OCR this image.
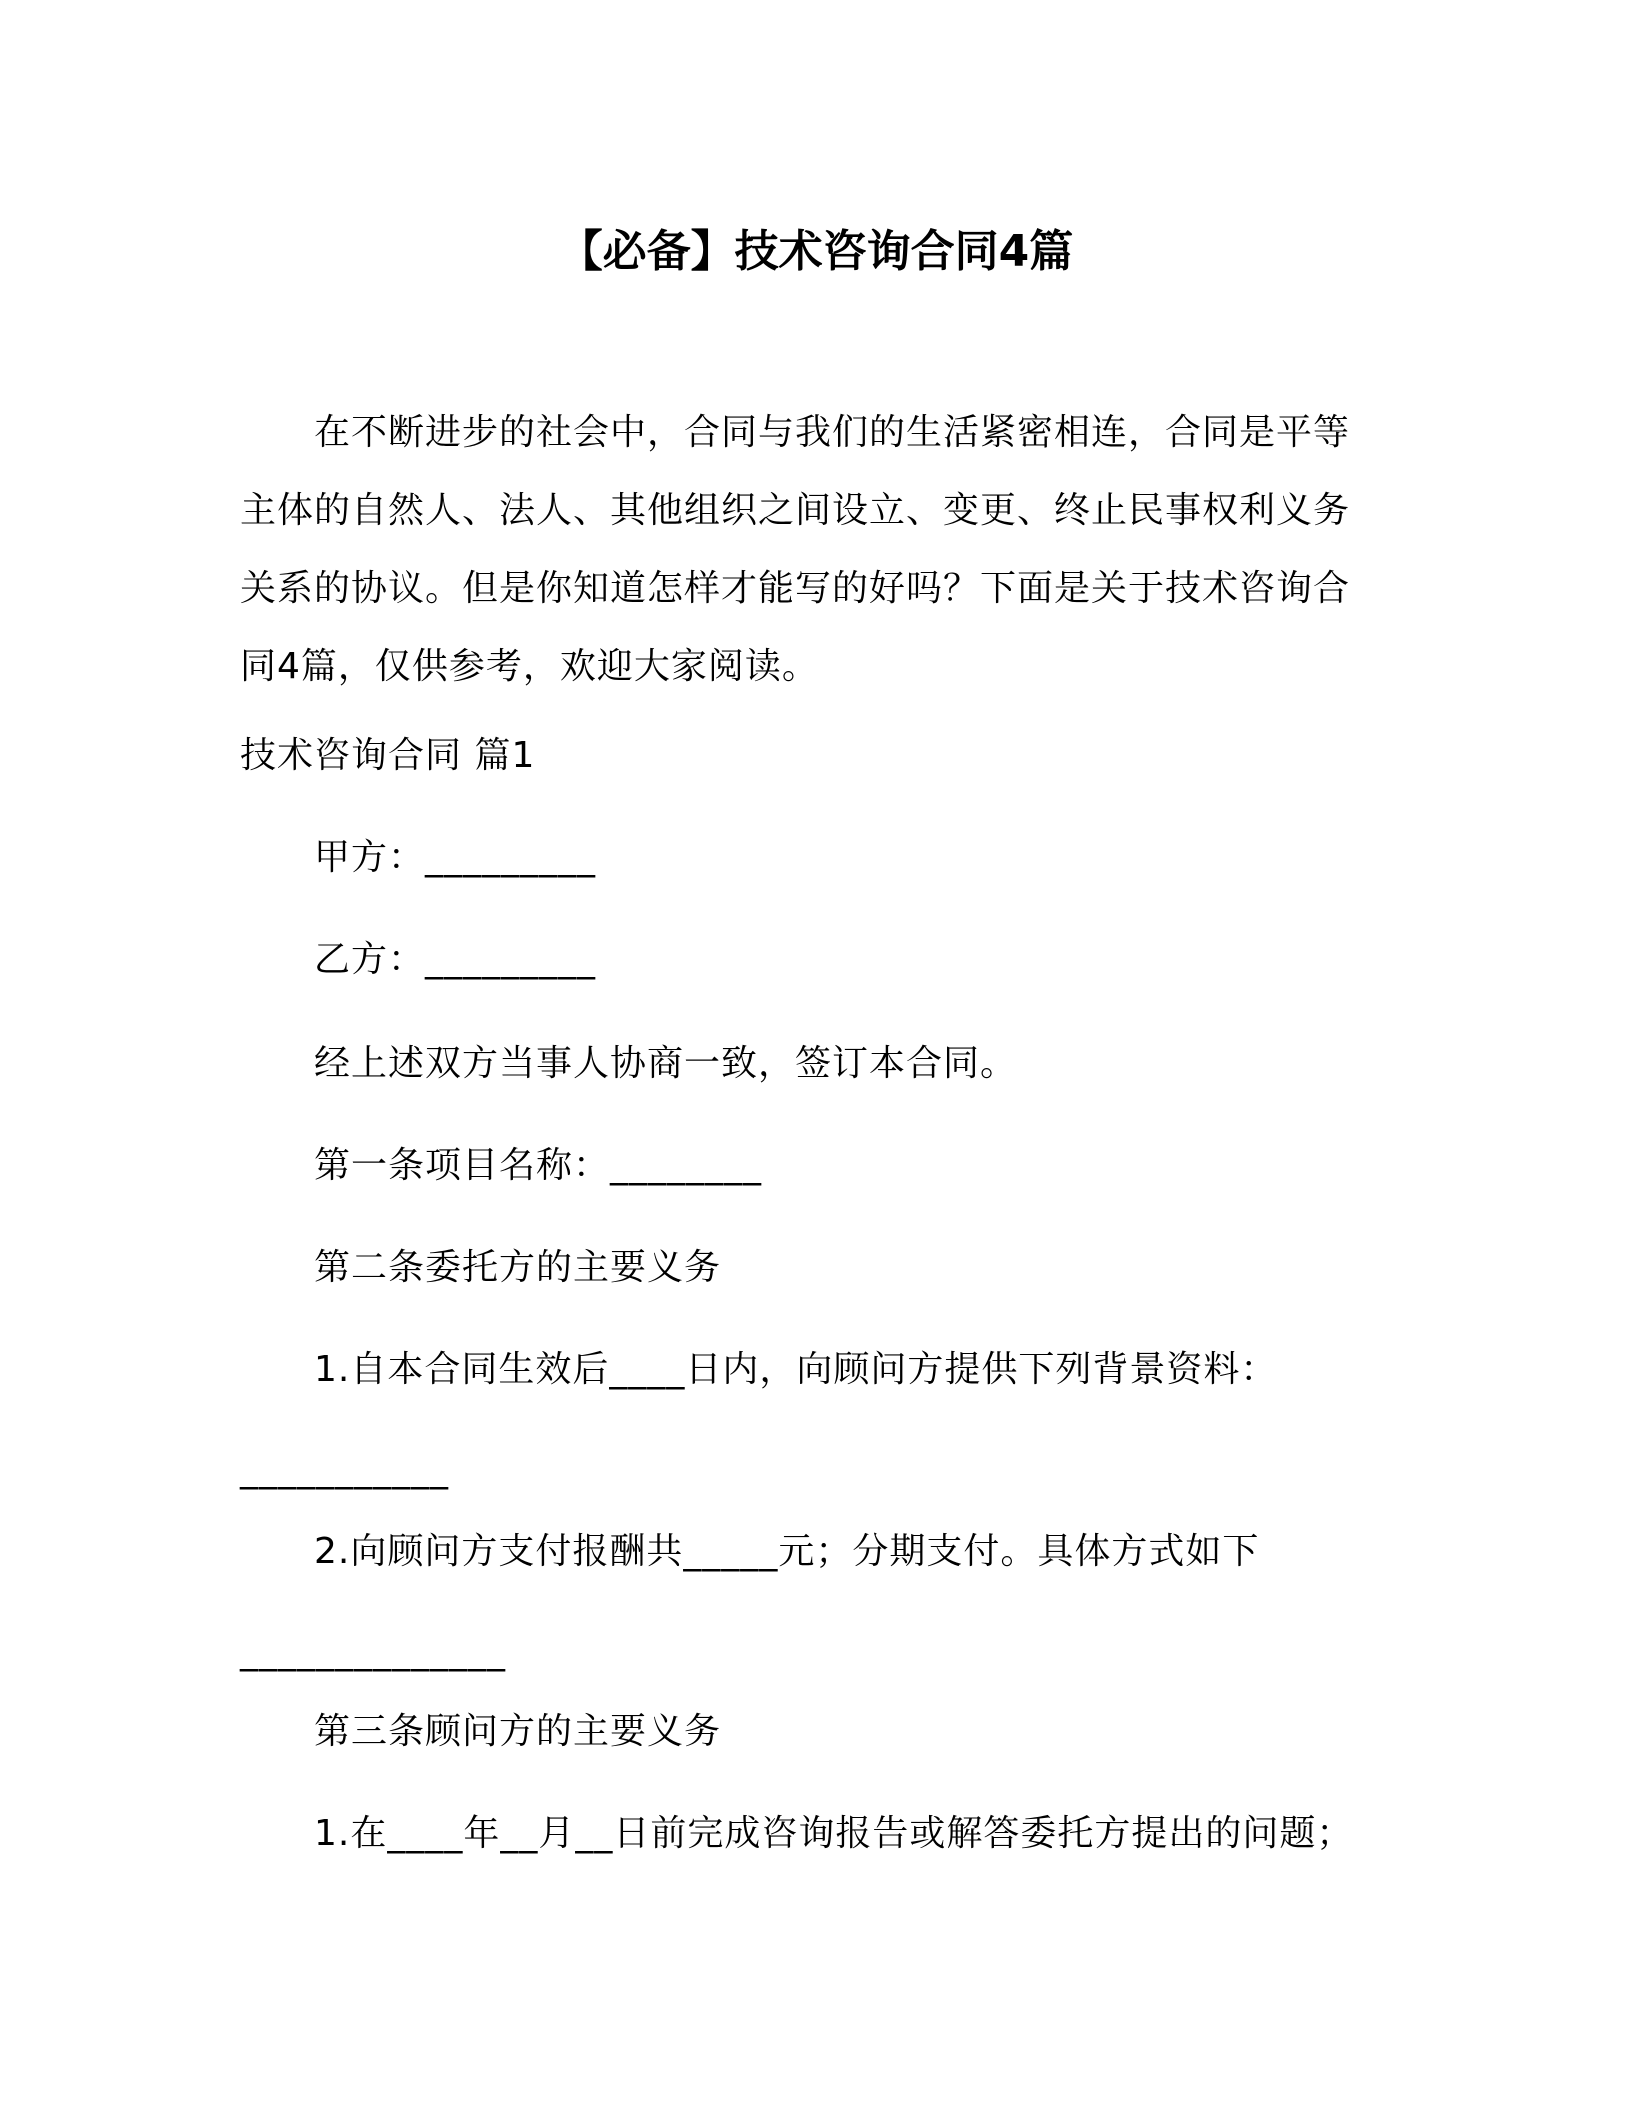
【必备】技术咨询合同4篇
在不断进步的社会中，合同与我们的生活紧密相连，合同是平等主体的自然人、法人、其他组织之间设立、变更、终止民事权利义务关系的协议。但是你知道怎样才能写的好吗？下面是关于技术咨询合同4篇，仅供参考，欢迎大家阅读。
技术咨询合同 篇1
甲方：_________
乙方：_________
经上述双方当事人协商一致，签订本合同。
第一条项目名称：________
第二条委托方的主要义务
1.自本合同生效后____日内，向顾问方提供下列背景资料：
___________
2.向顾问方支付报酬共_____元；分期支付。具体方式如下
______________
第三条顾问方的主要义务
1.在____年__月__日前完成咨询报告或解答委托方提出的问题；
